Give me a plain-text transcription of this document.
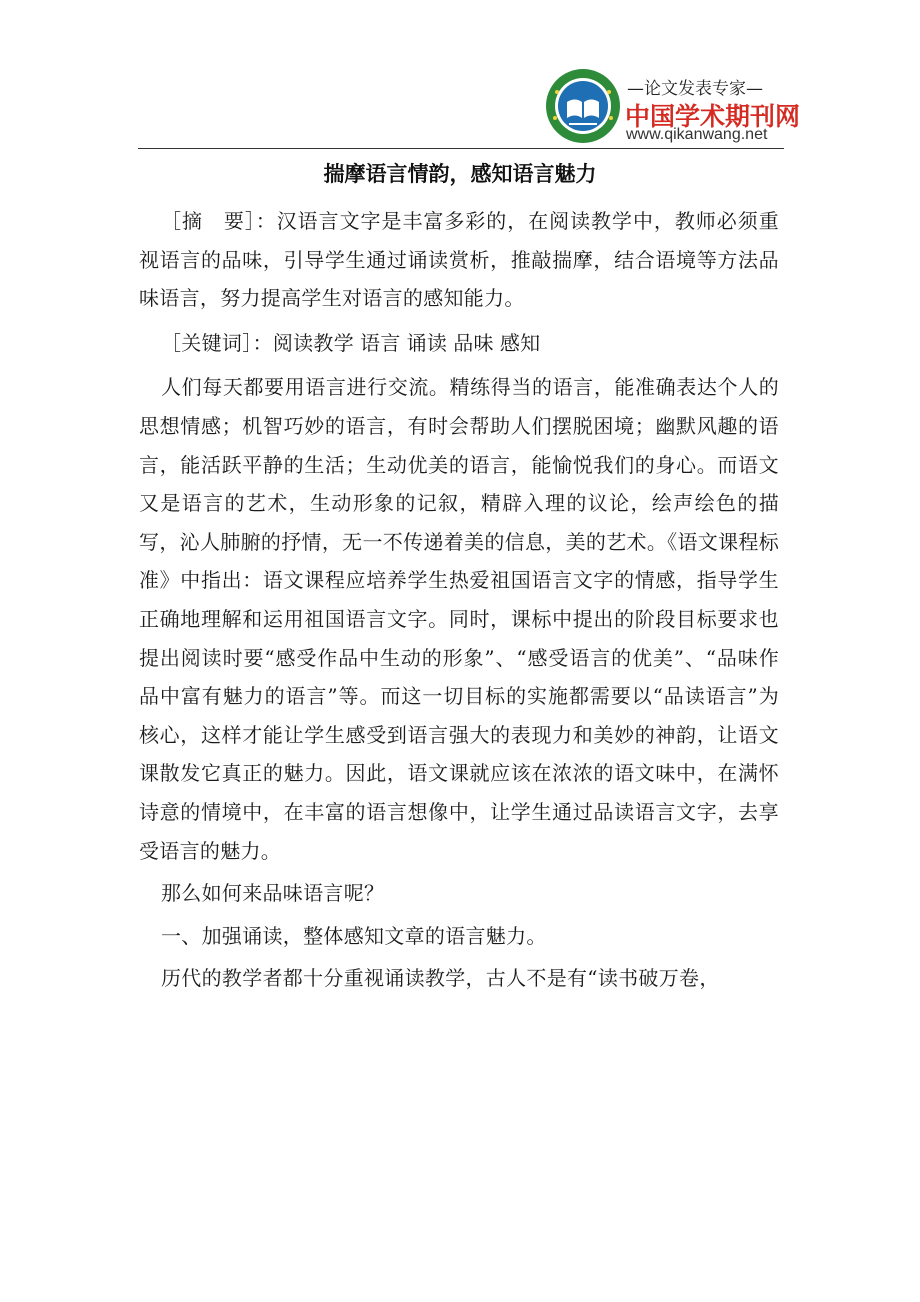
—论文发表专家—
中国学术期刊网
www.qikanwang.net
揣摩语言情韵，感知语言魅力

［摘　要］：汉语言文字是丰富多彩的，在阅读教学中，教师必须重视语言的品味，引导学生通过诵读赏析，推敲揣摩，结合语境等方法品味语言，努力提高学生对语言的感知能力。

［关键词］：阅读教学 语言 诵读 品味 感知

人们每天都要用语言进行交流。精练得当的语言，能准确表达个人的思想情感；机智巧妙的语言，有时会帮助人们摆脱困境；幽默风趣的语言，能活跃平静的生活；生动优美的语言，能愉悦我们的身心。而语文又是语言的艺术，生动形象的记叙，精辟入理的议论，绘声绘色的描写，沁人肺腑的抒情，无一不传递着美的信息，美的艺术。《语文课程标准》中指出：语文课程应培养学生热爱祖国语言文字的情感，指导学生正确地理解和运用祖国语言文字。同时，课标中提出的阶段目标要求也提出阅读时要“感受作品中生动的形象”、“感受语言的优美”、“品味作品中富有魅力的语言”等。而这一切目标的实施都需要以“品读语言”为核心，这样才能让学生感受到语言强大的表现力和美妙的神韵，让语文课散发它真正的魅力。因此，语文课就应该在浓浓的语文味中，在满怀诗意的情境中，在丰富的语言想像中，让学生通过品读语言文字，去享受语言的魅力。

那么如何来品味语言呢？

一、加强诵读，整体感知文章的语言魅力。

历代的教学者都十分重视诵读教学，古人不是有“读书破万卷，
